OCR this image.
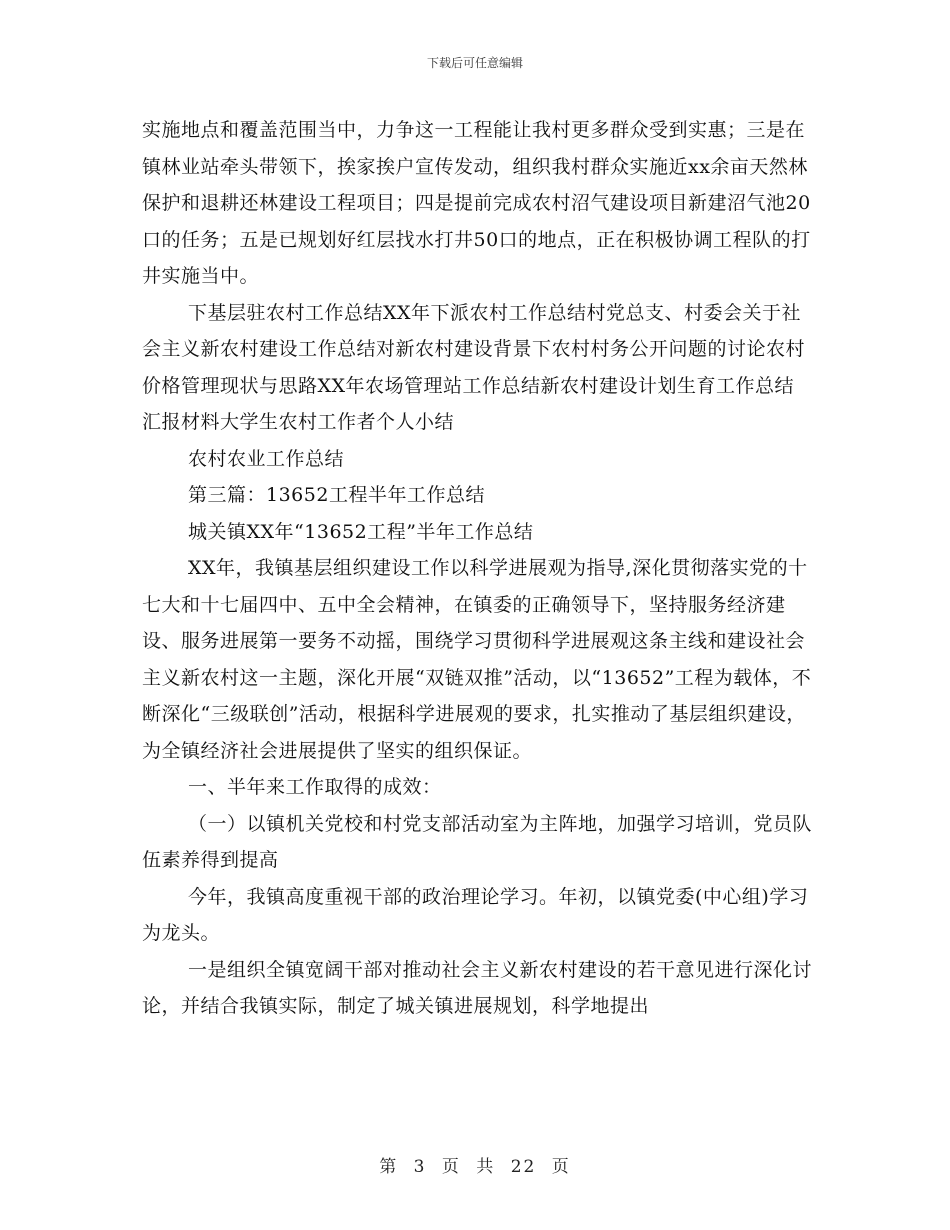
下载后可任意编辑

实施地点和覆盖范围当中，力争这一工程能让我村更多群众受到实惠；三是在镇林业站牵头带领下，挨家挨户宣传发动，组织我村群众实施近xx余亩天然林保护和退耕还林建设工程项目；四是提前完成农村沼气建设项目新建沼气池20口的任务；五是已规划好红层找水打井50口的地点，正在积极协调工程队的打井实施当中。

下基层驻农村工作总结XX年下派农村工作总结村党总支、村委会关于社会主义新农村建设工作总结对新农村建设背景下农村村务公开问题的讨论农村价格管理现状与思路XX年农场管理站工作总结新农村建设计划生育工作总结汇报材料大学生农村工作者个人小结

农村农业工作总结

第三篇：13652工程半年工作总结

城关镇XX年“13652工程”半年工作总结

XX年，我镇基层组织建设工作以科学进展观为指导,深化贯彻落实党的十七大和十七届四中、五中全会精神，在镇委的正确领导下，坚持服务经济建设、服务进展第一要务不动摇，围绕学习贯彻科学进展观这条主线和建设社会主义新农村这一主题，深化开展“双链双推”活动，以“13652”工程为载体，不断深化“三级联创”活动，根据科学进展观的要求，扎实推动了基层组织建设，为全镇经济社会进展提供了坚实的组织保证。

一、半年来工作取得的成效：

（一）以镇机关党校和村党支部活动室为主阵地，加强学习培训，党员队伍素养得到提高

今年，我镇高度重视干部的政治理论学习。年初，以镇党委(中心组)学习为龙头。

一是组织全镇宽阔干部对推动社会主义新农村建设的若干意见进行深化讨论，并结合我镇实际，制定了城关镇进展规划，科学地提出

第 3 页 共 22 页
